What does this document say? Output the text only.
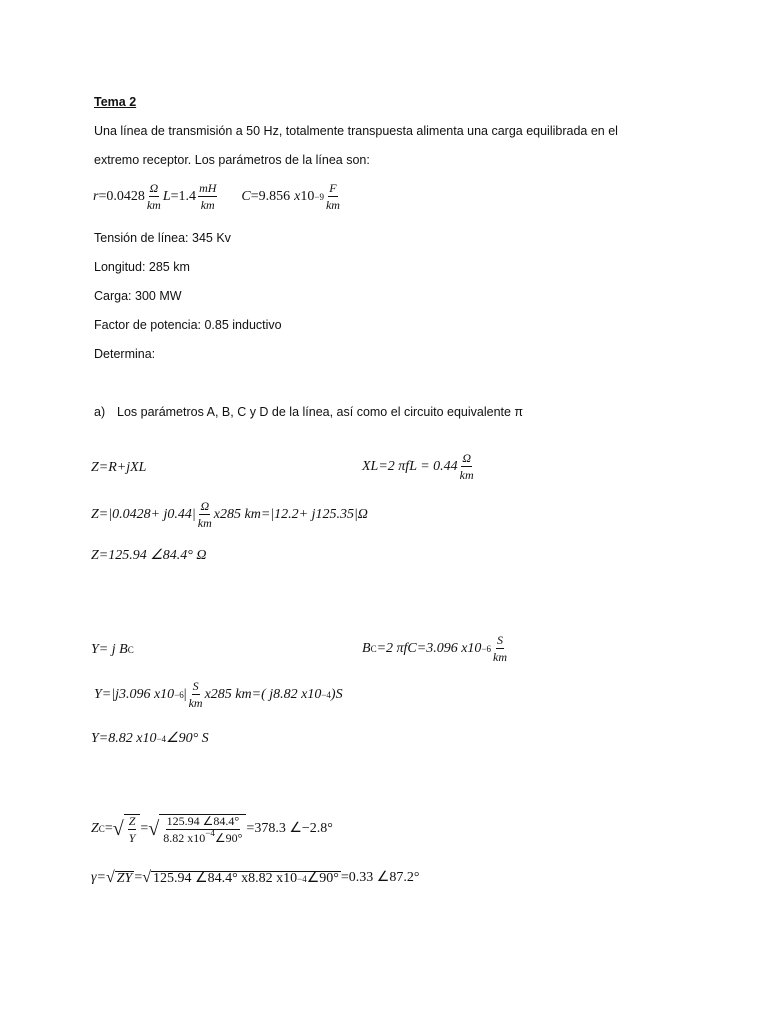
Tema 2
Una línea de transmisión a 50 Hz, totalmente transpuesta alimenta una carga equilibrada en el
extremo receptor. Los parámetros de la línea son:
$r =0.0428 \frac{\Omega}{km}$ $L =1.4 \frac{mH}{km}$ C =9.856 x $10 -9 \frac{F}{km}$
Tensión de línea: 345 Kv
Longitud: 285 km
Carga: 300 MW
Factor de potencia: 0.85 inductivo
Determina:
a) Los parámetros A, B, C y D de la línea, así como el circuito equivalente π
Z=R+jXL	XL=2 $\pi fL = 0.44 \frac{\Omega}{km}$
$Z=|0.0428+ j0.44| \frac{\Omega}{km} x285$ km=|12.2+ j125.35|Ω
Z=125.94 ∠84.4° Ω
Y= j B C	B C =2 πfC=3.096 $x10 -6 \frac{S}{km}$
Y=|j3.096 x10 −6 | $\frac{S}{km} x285$ km=( j8.82 x10 −4 )S
Y=8.82 x10 −4 ∠90° S
Z C = √ $\frac{Z}{Y}$ = √ $\frac{125.94 \angle 84.4^\circ}{8.82 x10^{-4}\angle 90^\circ} =378.3$ ∠−2.8°
γ= √ ZY = √ 125.94 ∠84.4° x8.82 x10 −4 ∠90° =0.33 ∠87.2°
